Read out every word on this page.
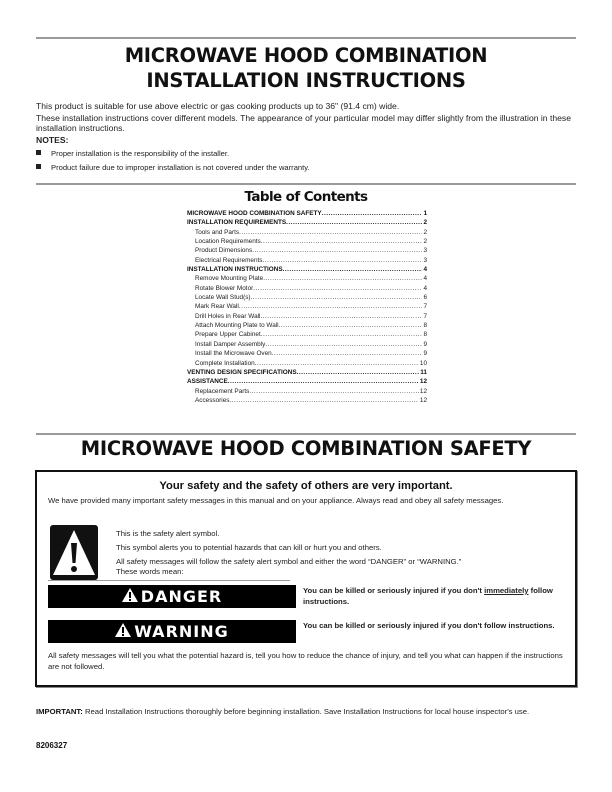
MICROWAVE HOOD COMBINATION
INSTALLATION INSTRUCTIONS
This product is suitable for use above electric or gas cooking products up to 36" (91.4 cm) wide.
These installation instructions cover different models. The appearance of your particular model may differ slightly from the illustration in these installation instructions.
NOTES:
Proper installation is the responsibility of the installer.
Product failure due to improper installation is not covered under the warranty.
Table of Contents
MICROWAVE HOOD COMBINATION SAFETY .....	1
INSTALLATION REQUIREMENTS .....	2
Tools and Parts .....	2
Location Requirements .....	2
Product Dimensions .....	3
Electrical Requirements .....	3
INSTALLATION INSTRUCTIONS .....	4
Remove Mounting Plate .....	4
Rotate Blower Motor .....	4
Locate Wall Stud(s) .....	6
Mark Rear Wall .....	7
Drill Holes in Rear Wall .....	7
Attach Mounting Plate to Wall .....	8
Prepare Upper Cabinet .....	8
Install Damper Assembly .....	9
Install the Microwave Oven .....	9
Complete Installation .....	10
VENTING DESIGN SPECIFICATIONS .....	11
ASSISTANCE .....	12
Replacement Parts .....	12
Accessories .....	12
MICROWAVE HOOD COMBINATION SAFETY
Your safety and the safety of others are very important.
We have provided many important safety messages in this manual and on your appliance. Always read and obey all safety messages.
This is the safety alert symbol.
This symbol alerts you to potential hazards that can kill or hurt you and others.
All safety messages will follow the safety alert symbol and either the word “DANGER” or “WARNING.”
These words mean:
DANGER	You can be killed or seriously injured if you don't immediately follow instructions.
WARNING	You can be killed or seriously injured if you don't follow instructions.
All safety messages will tell you what the potential hazard is, tell you how to reduce the chance of injury, and tell you what can happen if the instructions are not followed.
IMPORTANT: Read Installation Instructions thoroughly before beginning installation. Save Installation Instructions for local house inspector's use.
8206327
